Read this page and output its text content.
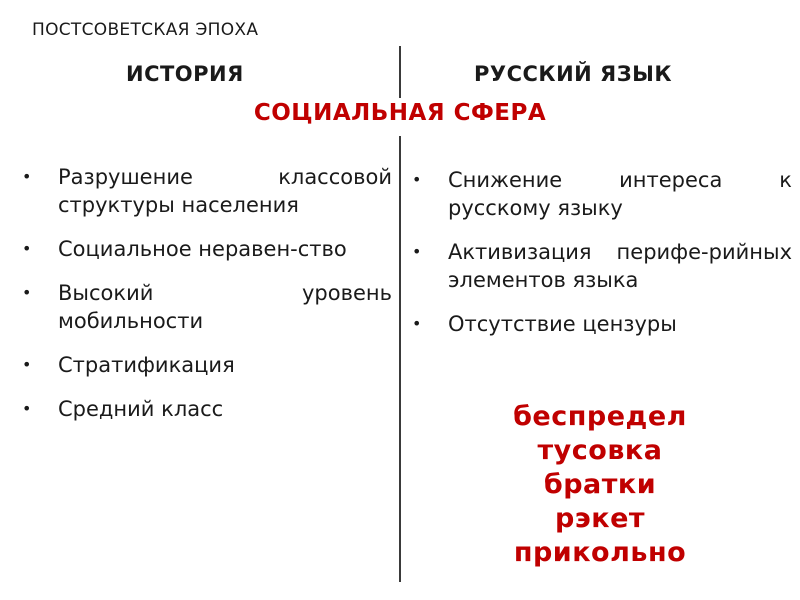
ПОСТСОВЕТСКАЯ ЭПОХА
ИСТОРИЯ	РУССКИЙ ЯЗЫК
СОЦИАЛЬНАЯ СФЕРА
• Разрушение классовой структуры населения
• Социальное неравен-ство
• Высокий уровень мобильности
• Стратификация
• Средний класс
• Снижение интереса к русскому языку
• Активизация перифе-рийных элементов языка
• Отсутствие цензуры
беспредел
тусовка
братки
рэкет
прикольно
